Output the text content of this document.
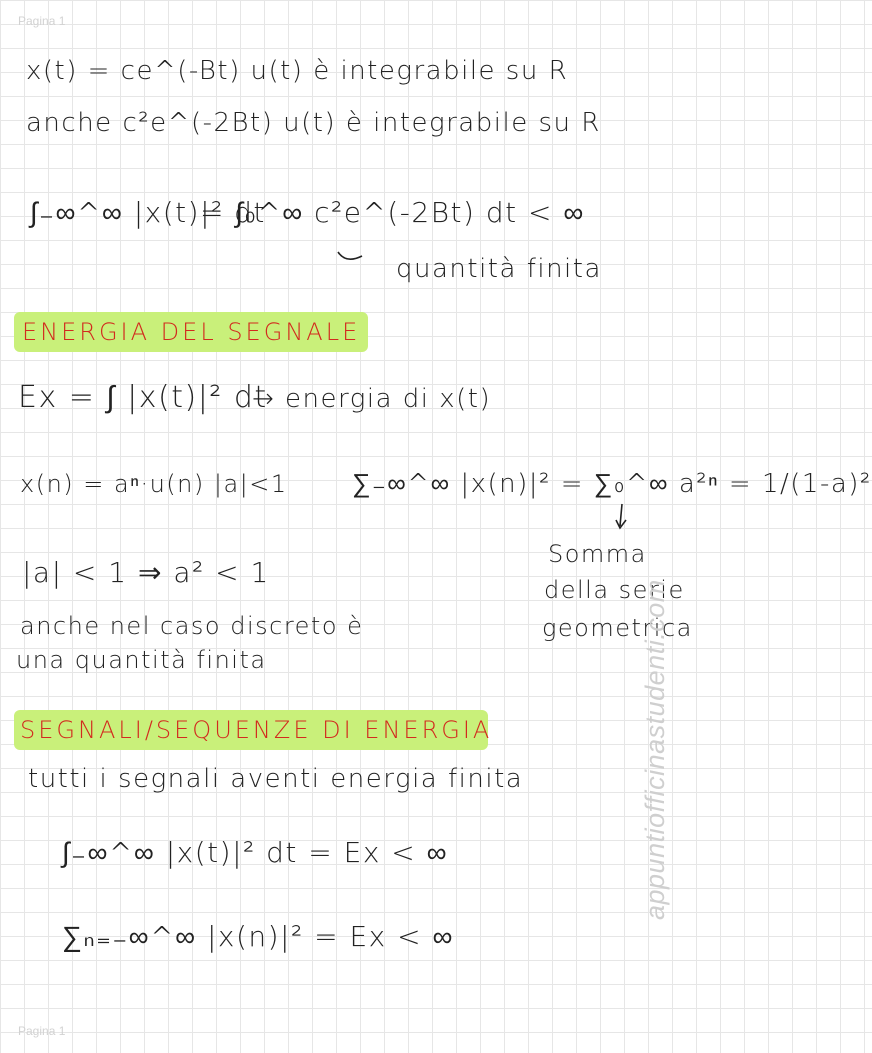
Pagina 1
Pagina 1
x(t) = ce^(-Bt) u(t) è integrabile su R
anche c²e^(-2Bt) u(t) è integrabile su R
∫₋∞^∞ |x(t)|² dt
= ∫₀^∞ c²e^(-2Bt) dt < ∞
quantità finita
ENERGIA DEL SEGNALE
Ex = ∫ |x(t)|² dt
→ energia di x(t)
x(n) = aⁿ·u(n) |a|<1 ∑₋∞^∞ |x(n)|² = ∑₀^∞ a²ⁿ = 1/(1-a)²
|a| < 1 ⇒ a² < 1
Somma
della serie
geometrica
anche nel caso discreto è
una quantità finita
SEGNALI/SEQUENZE DI ENERGIA
tutti i segnali aventi energia finita
∫₋∞^∞ |x(t)|² dt = Ex < ∞
∑ₙ₌₋∞^∞ |x(n)|² = Ex < ∞
appuntiofficinastudenti.com
